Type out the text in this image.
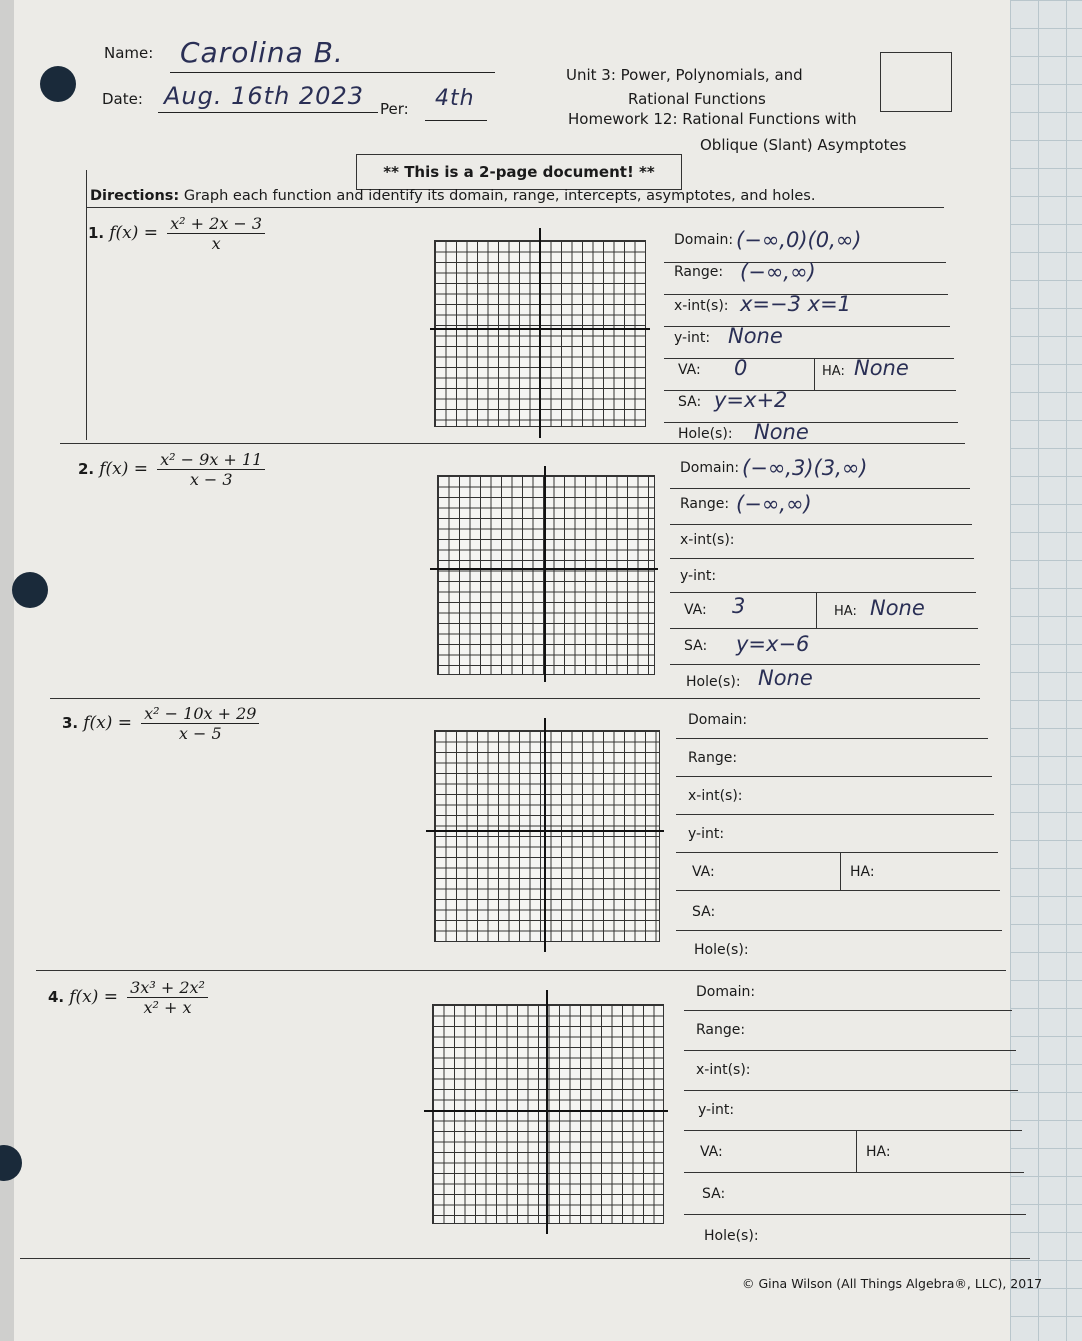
Name: Carolina B.
Date: Aug. 16th 2023 Per: 4th
Unit 3: Power, Polynomials, and
Rational Functions
Homework 12: Rational Functions with
Oblique (Slant) Asymptotes
** This is a 2-page document! **
Directions: Graph each function and identify its domain, range, intercepts, asymptotes, and holes.
1. $f(x) = \frac{\text{x² + 2x − 3}}{x}$	Domain: (−∞,0)(0,∞)
Range: (−∞,∞)
x-int(s): x=−3 x=1
y-int: None
VA: 0	HA: None
SA: y=x+2
Hole(s): None
2. $f(x) = \frac{\text{x² − 9x + 11}}{x - 3}$	Domain: (−∞,3)(3,∞)
Range: (−∞,∞)
x-int(s):
y-int:
VA: 3	HA: None
SA: y=x−6
Hole(s): None
3. $f(x) = \frac{\text{x² − 10x + 29}}{x - 5}$	Domain:
Range:
x-int(s):
y-int:
VA:	HA:
SA:
Hole(s):
4. $f(x) = \frac{\text{3x³ + 2x²}}{\text{x² + x}}$	Domain:
Range:
x-int(s):
y-int:
VA:	HA:
SA:
Hole(s):
© Gina Wilson (All Things Algebra®, LLC), 2017
